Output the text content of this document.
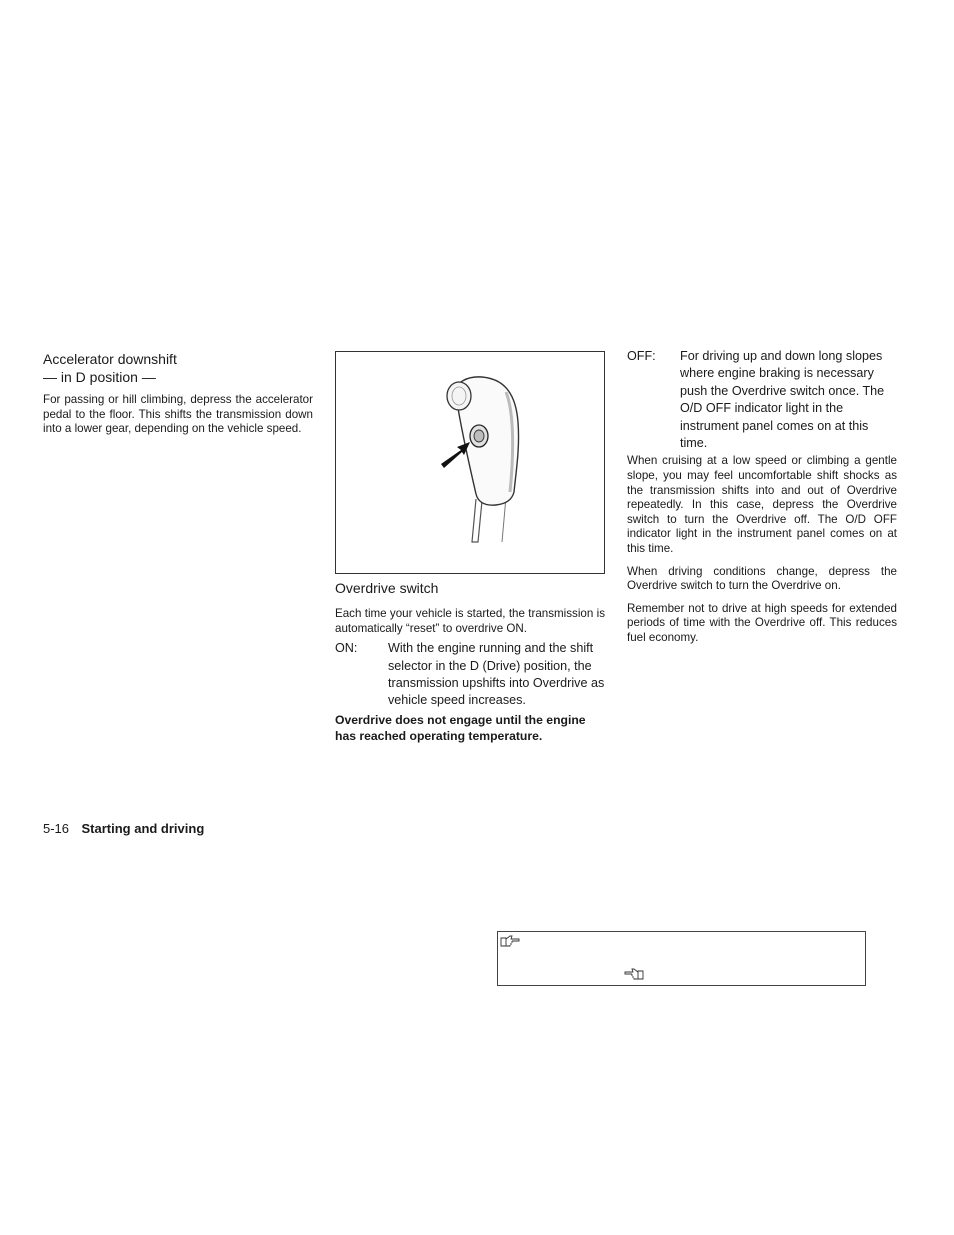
Accelerator downshift
— in D position —
For passing or hill climbing, depress the accelerator pedal to the floor. This shifts the transmission down into a lower gear, depending on the vehicle speed.
Overdrive switch
Each time your vehicle is started, the transmission is automatically “reset” to overdrive ON.
ON: With the engine running and the shift selector in the D (Drive) position, the transmission upshifts into Overdrive as vehicle speed increases.
Overdrive does not engage until the engine has reached operating temperature.
OFF: For driving up and down long slopes where engine braking is necessary push the Overdrive switch once. The O/D OFF indicator light in the instrument panel comes on at this time.
When cruising at a low speed or climbing a gentle slope, you may feel uncomfortable shift shocks as the transmission shifts into and out of Overdrive repeatedly. In this case, depress the Overdrive switch to turn the Overdrive off. The O/D OFF indicator light in the instrument panel comes on at this time.
When driving conditions change, depress the Overdrive switch to turn the Overdrive on.
Remember not to drive at high speeds for extended periods of time with the Overdrive off. This reduces fuel economy.
5-16 Starting and driving
